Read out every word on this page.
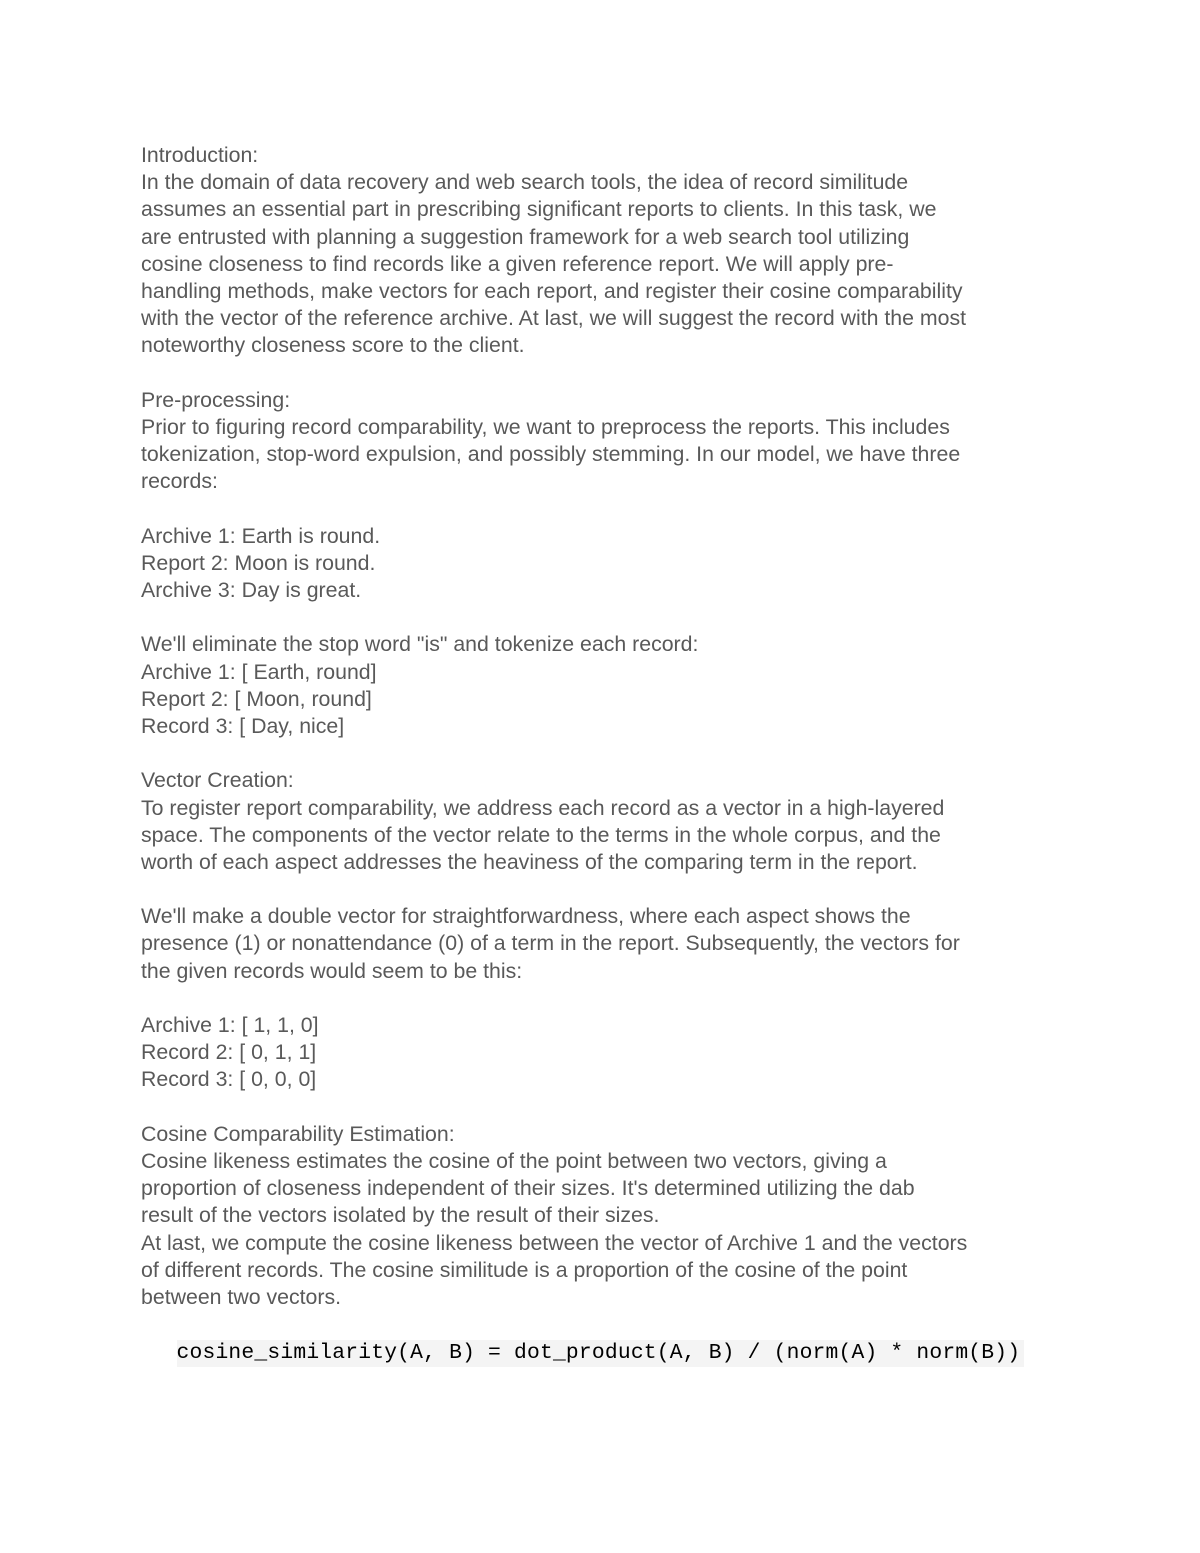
Introduction:
In the domain of data recovery and web search tools, the idea of record similitude
assumes an essential part in prescribing significant reports to clients. In this task, we
are entrusted with planning a suggestion framework for a web search tool utilizing
cosine closeness to find records like a given reference report. We will apply pre-
handling methods, make vectors for each report, and register their cosine comparability
with the vector of the reference archive. At last, we will suggest the record with the most
noteworthy closeness score to the client.
Pre-processing:
Prior to figuring record comparability, we want to preprocess the reports. This includes
tokenization, stop-word expulsion, and possibly stemming. In our model, we have three
records:
Archive 1: Earth is round.
Report 2: Moon is round.
Archive 3: Day is great.
We'll eliminate the stop word "is" and tokenize each record:
Archive 1: [ Earth, round]
Report 2: [ Moon, round]
Record 3: [ Day, nice]
Vector Creation:
To register report comparability, we address each record as a vector in a high-layered
space. The components of the vector relate to the terms in the whole corpus, and the
worth of each aspect addresses the heaviness of the comparing term in the report.
We'll make a double vector for straightforwardness, where each aspect shows the
presence (1) or nonattendance (0) of a term in the report. Subsequently, the vectors for
the given records would seem to be this:
Archive 1: [ 1, 1, 0]
Record 2: [ 0, 1, 1]
Record 3: [ 0, 0, 0]
Cosine Comparability Estimation:
Cosine likeness estimates the cosine of the point between two vectors, giving a
proportion of closeness independent of their sizes. It's determined utilizing the dab
result of the vectors isolated by the result of their sizes.
At last, we compute the cosine likeness between the vector of Archive 1 and the vectors
of different records. The cosine similitude is a proportion of the cosine of the point
between two vectors.

cosine_similarity(A, B) = dot_product(A, B) / (norm(A) * norm(B))
